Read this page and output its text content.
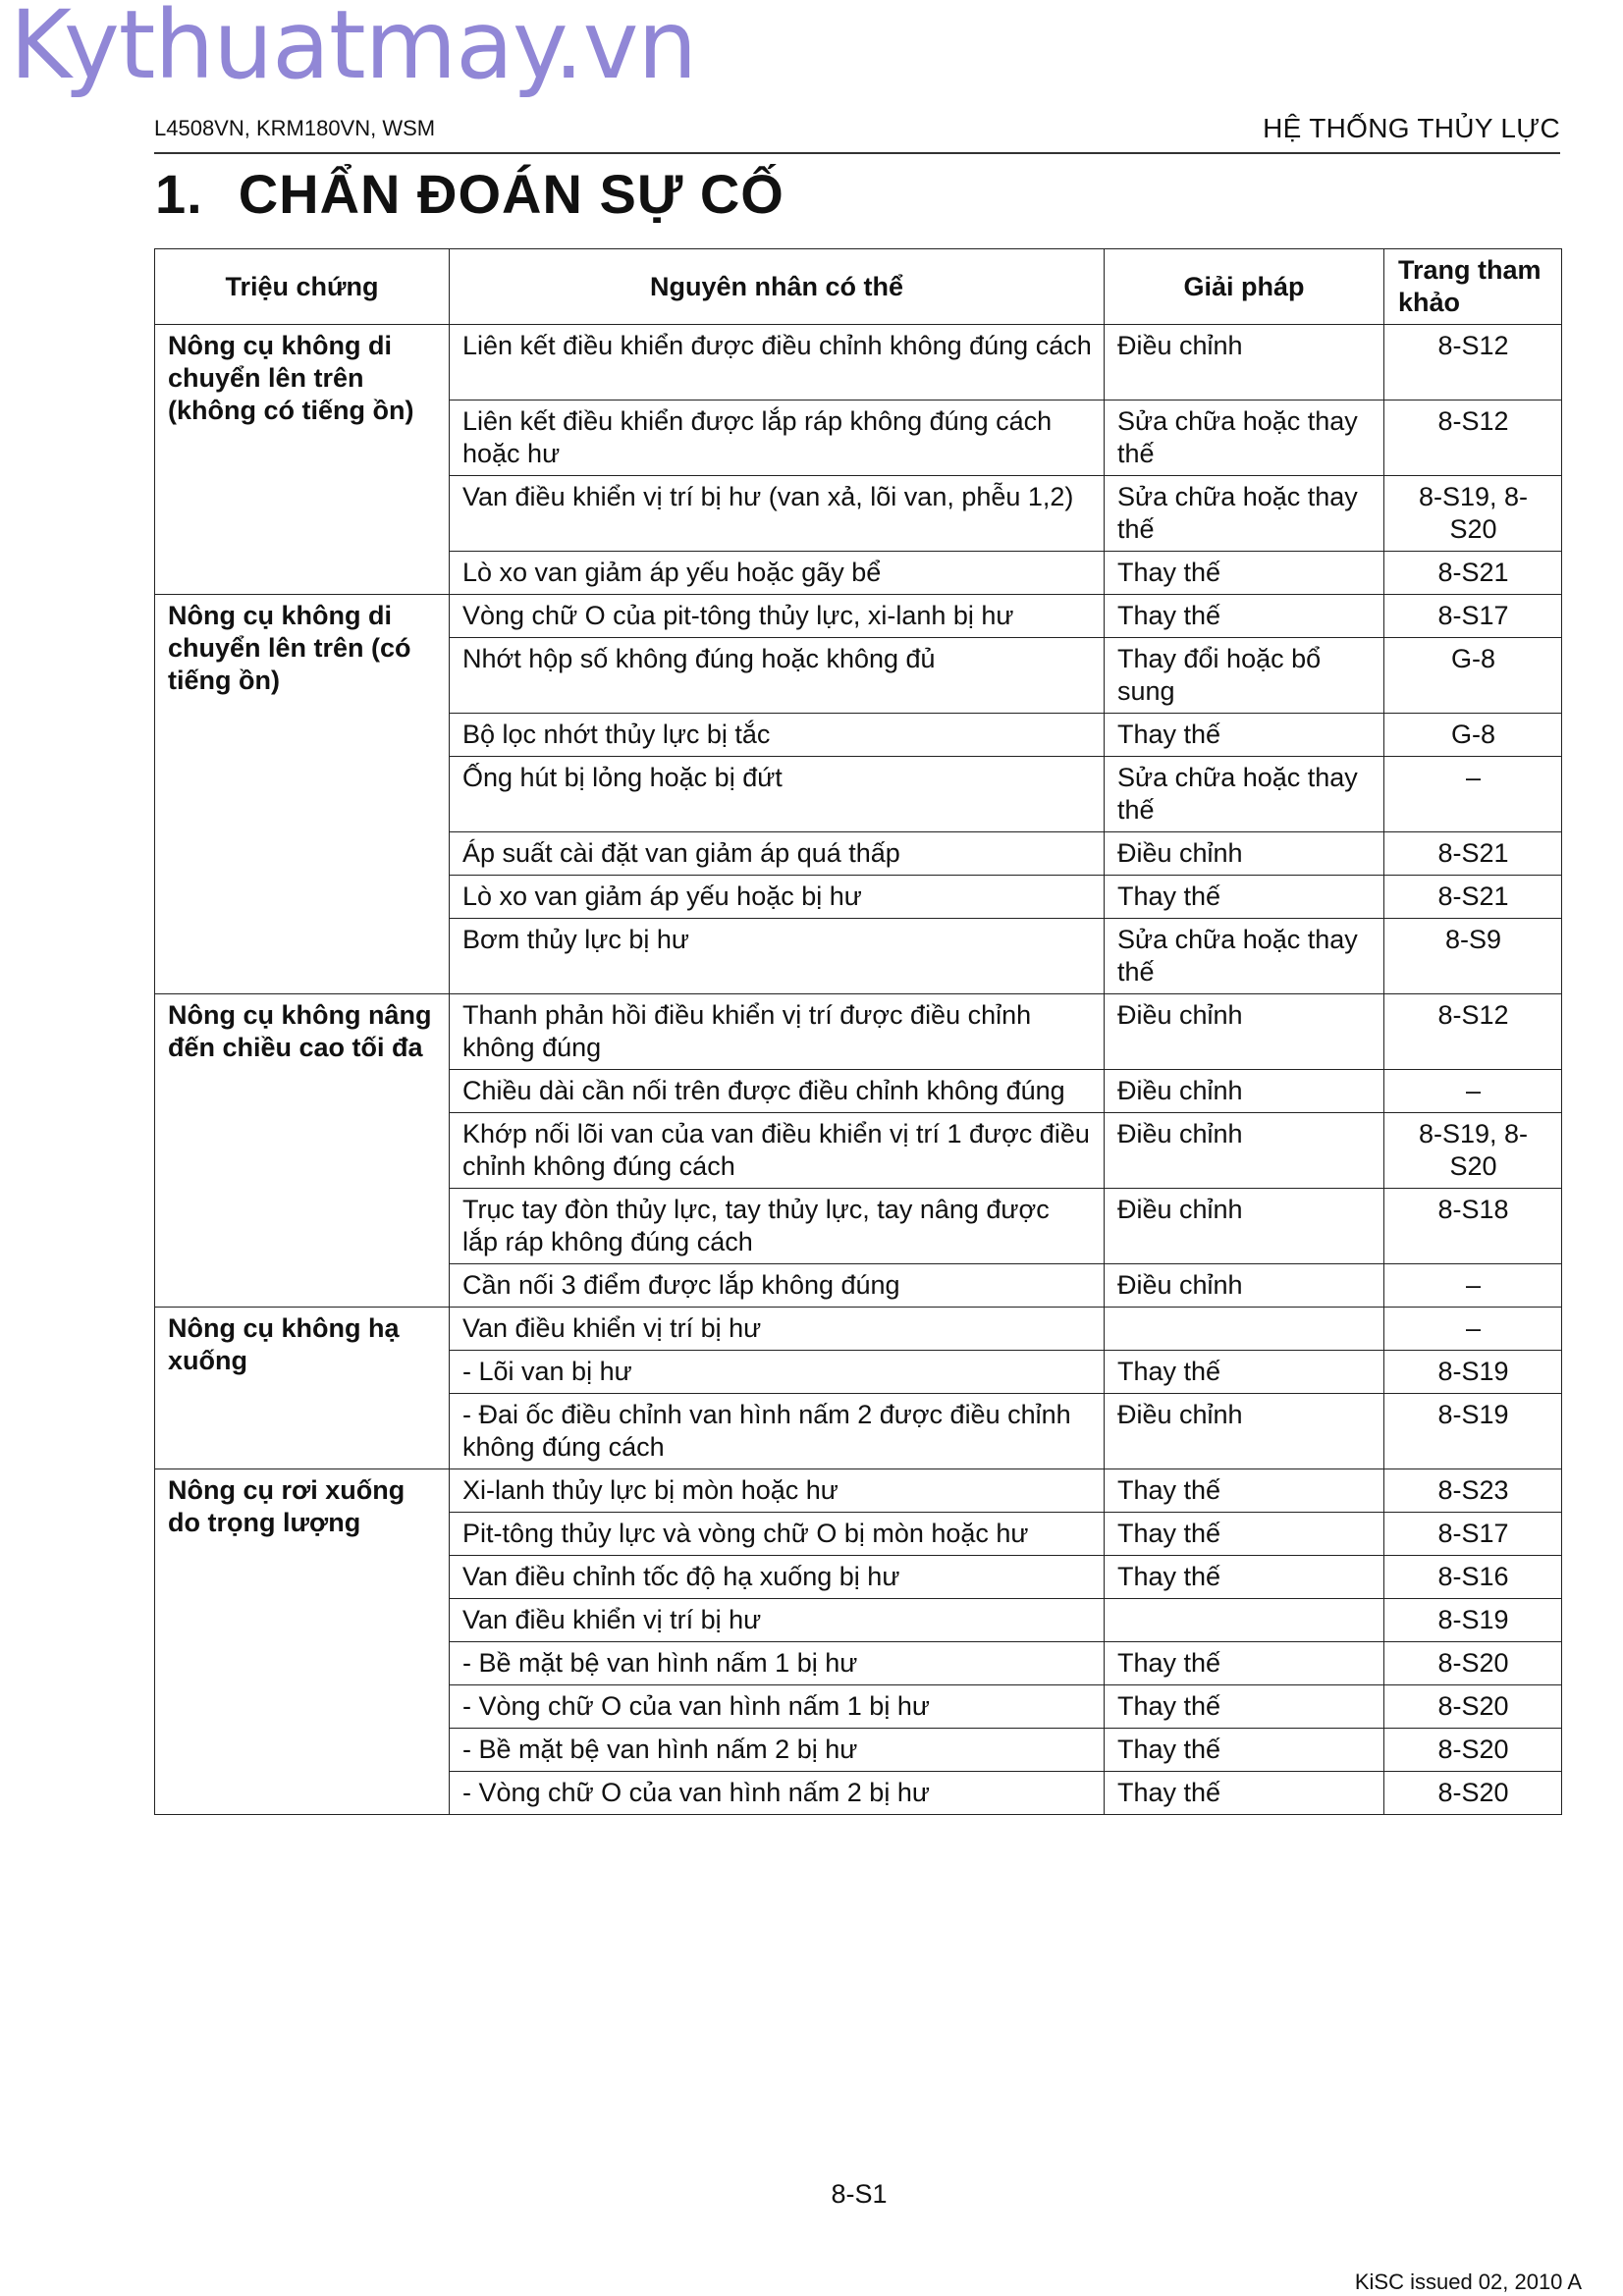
Kythuatmay.vn
L4508VN, KRM180VN, WSM	HỆ THỐNG THỦY LỰC
1. CHẨN ĐOÁN SỰ CỐ
Triệu chứng	Nguyên nhân có thể	Giải pháp	Trang tham khảo
Nông cụ không di chuyển lên trên (không có tiếng ồn)	Liên kết điều khiển được điều chỉnh không đúng cách	Điều chỉnh	8-S12
	Liên kết điều khiển được lắp ráp không đúng cách hoặc hư	Sửa chữa hoặc thay thế	8-S12
	Van điều khiển vị trí bị hư (van xả, lõi van, phễu 1,2)	Sửa chữa hoặc thay thế	8-S19, 8-S20
	Lò xo van giảm áp yếu hoặc gãy bể	Thay thế	8-S21
Nông cụ không di chuyển lên trên (có tiếng ồn)	Vòng chữ O của pit-tông thủy lực, xi-lanh bị hư	Thay thế	8-S17
	Nhớt hộp số không đúng hoặc không đủ	Thay đổi hoặc bổ sung	G-8
	Bộ lọc nhớt thủy lực bị tắc	Thay thế	G-8
	Ống hút bị lỏng hoặc bị đứt	Sửa chữa hoặc thay thế	–
	Áp suất cài đặt van giảm áp quá thấp	Điều chỉnh	8-S21
	Lò xo van giảm áp yếu hoặc bị hư	Thay thế	8-S21
	Bơm thủy lực bị hư	Sửa chữa hoặc thay thế	8-S9
Nông cụ không nâng đến chiều cao tối đa	Thanh phản hồi điều khiển vị trí được điều chỉnh không đúng	Điều chỉnh	8-S12
	Chiều dài cần nối trên được điều chỉnh không đúng	Điều chỉnh	–
	Khớp nối lõi van của van điều khiển vị trí 1 được điều chỉnh không đúng cách	Điều chỉnh	8-S19, 8-S20
	Trục tay đòn thủy lực, tay thủy lực, tay nâng được lắp ráp không đúng cách	Điều chỉnh	8-S18
	Cần nối 3 điểm được lắp không đúng	Điều chỉnh	–
Nông cụ không hạ xuống	Van điều khiển vị trí bị hư		–
	- Lõi van bị hư	Thay thế	8-S19
	- Đai ốc điều chỉnh van hình nấm 2 được điều chỉnh không đúng cách	Điều chỉnh	8-S19
Nông cụ rơi xuống do trọng lượng	Xi-lanh thủy lực bị mòn hoặc hư	Thay thế	8-S23
	Pit-tông thủy lực và vòng chữ O bị mòn hoặc hư	Thay thế	8-S17
	Van điều chỉnh tốc độ hạ xuống bị hư	Thay thế	8-S16
	Van điều khiển vị trí bị hư		8-S19
	- Bề mặt bệ van hình nấm 1 bị hư	Thay thế	8-S20
	- Vòng chữ O của van hình nấm 1 bị hư	Thay thế	8-S20
	- Bề mặt bệ van hình nấm 2 bị hư	Thay thế	8-S20
	- Vòng chữ O của van hình nấm 2 bị hư	Thay thế	8-S20
8-S1
KiSC issued 02, 2010 A
